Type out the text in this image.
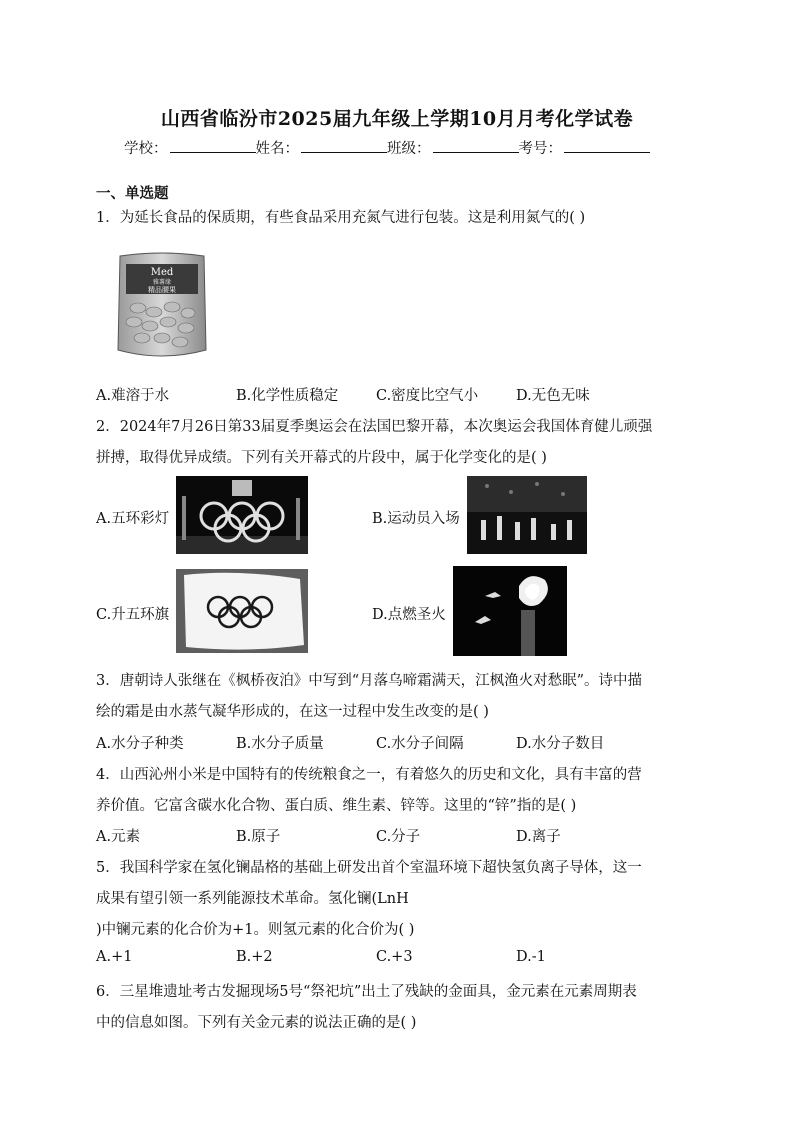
山西省临汾市2025届九年级上学期10月月考化学试卷
学校：	姓名：	班级：	考号：
一、单选题
1．为延长食品的保质期，有些食品采用充氮气进行包装。这是利用氮气的( )
Med
雅薯缘
精品腰果
A.难溶于水	B.化学性质稳定	C.密度比空气小	D.无色无味
2．2024年7月26日第33届夏季奥运会在法国巴黎开幕，本次奥运会我国体育健儿顽强
拼搏，取得优异成绩。下列有关开幕式的片段中，属于化学变化的是( )
A.五环彩灯	B.运动员入场
C.升五环旗	D.点燃圣火
3．唐朝诗人张继在《枫桥夜泊》中写到“月落乌啼霜满天，江枫渔火对愁眠”。诗中描
绘的霜是由水蒸气凝华形成的，在这一过程中发生改变的是( )
A.水分子种类	B.水分子质量	C.水分子间隔	D.水分子数目
4．山西沁州小米是中国特有的传统粮食之一，有着悠久的历史和文化，具有丰富的营
养价值。它富含碳水化合物、蛋白质、维生素、锌等。这里的“锌”指的是( )
A.元素	B.原子	C.分子	D.离子
5．我国科学家在氢化镧晶格的基础上研发出首个室温环境下超快氢负离子导体，这一
成果有望引领一系列能源技术革命。氢化镧(LnH
)中镧元素的化合价为+1。则氢元素的化合价为( )
A.+1	B.+2	C.+3	D.-1
6．三星堆遗址考古发掘现场5号“祭祀坑”出土了残缺的金面具，金元素在元素周期表
中的信息如图。下列有关金元素的说法正确的是( )
